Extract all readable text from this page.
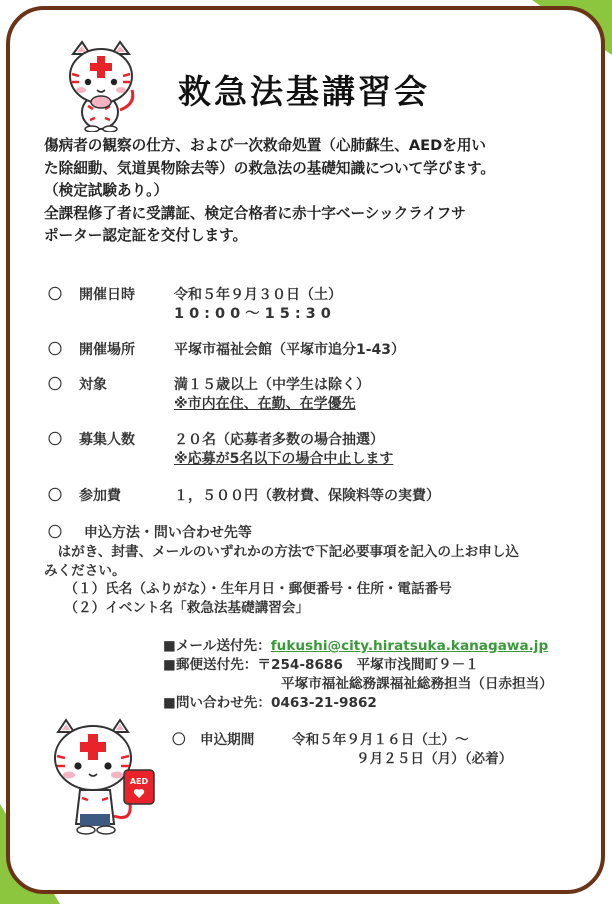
救急法基講習会

傷病者の観察の仕方、および一次救命処置（心肺蘇生、AEDを用い

た除細動、気道異物除去等）の救急法の基礎知識について学びます。

（検定試験あり。）

全課程修了者に受講証、検定合格者に赤十字ベーシックライフサ

ポーター認定証を交付します。

〇	開催日時	令和５年９月３０日（土）
10:00～15:30
〇	開催場所	平塚市福祉会館（平塚市追分1-43）
〇	対象	満１５歳以上（中学生は除く）
※市内在住、在勤、在学優先
〇	募集人数	２０名（応募者多数の場合抽選）
※応募が5名以下の場合中止します
〇	参加費	１，５００円（教材費、保険料等の実費）
〇 申込方法・問い合わせ先等

　はがき、封書、メールのいずれかの方法で下記必要事項を記入の上お申し込

みください。

　　（１）氏名（ふりがな）・生年月日・郵便番号・住所・電話番号

　　（２）イベント名「救急法基礎講習会」

■メール送付先：fukushi@city.hiratsuka.kanagawa.jp

■郵便送付先：〒254-8686　平塚市浅間町９－１

平塚市福祉総務課福祉総務担当（日赤担当）

■問い合わせ先：0463-21-9862

〇 申込期間	令和５年９月１６日（土）～

９月２５日（月）（必着）

AED
